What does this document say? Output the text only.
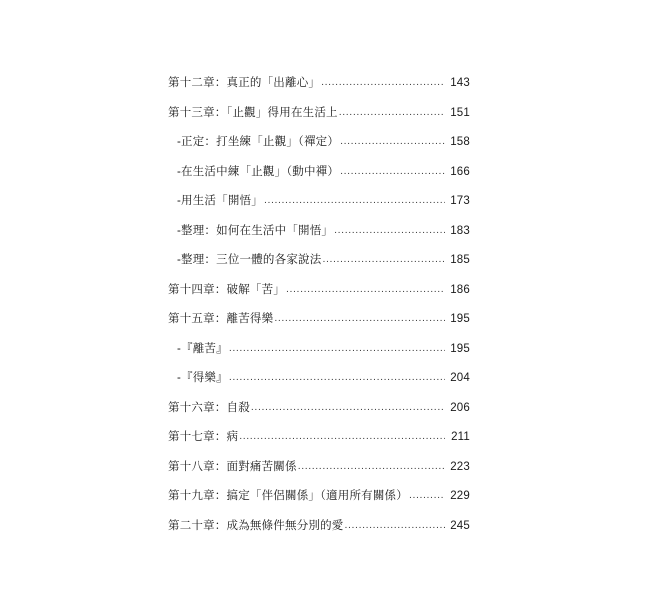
第十二章：真正的「出離心」 .....	143
第十三章：「止觀」得用在生活上 .....	151
-正定：打坐練「止觀」（禪定） .....	158
-在生活中練「止觀」（動中禪） .....	166
-用生活「開悟」 .....	173
-整理：如何在生活中「開悟」 .....	183
-整理：三位一體的各家說法 .....	185
第十四章：破解「苦」 .....	186
第十五章：離苦得樂 .....	195
-『離苦』 .....	195
-『得樂』 .....	204
第十六章：自殺 .....	206
第十七章：病 .....	211
第十八章：面對痛苦關係 .....	223
第十九章：搞定「伴侶關係」（適用所有關係） .....	229
第二十章：成為無條件無分別的愛 .....	245
